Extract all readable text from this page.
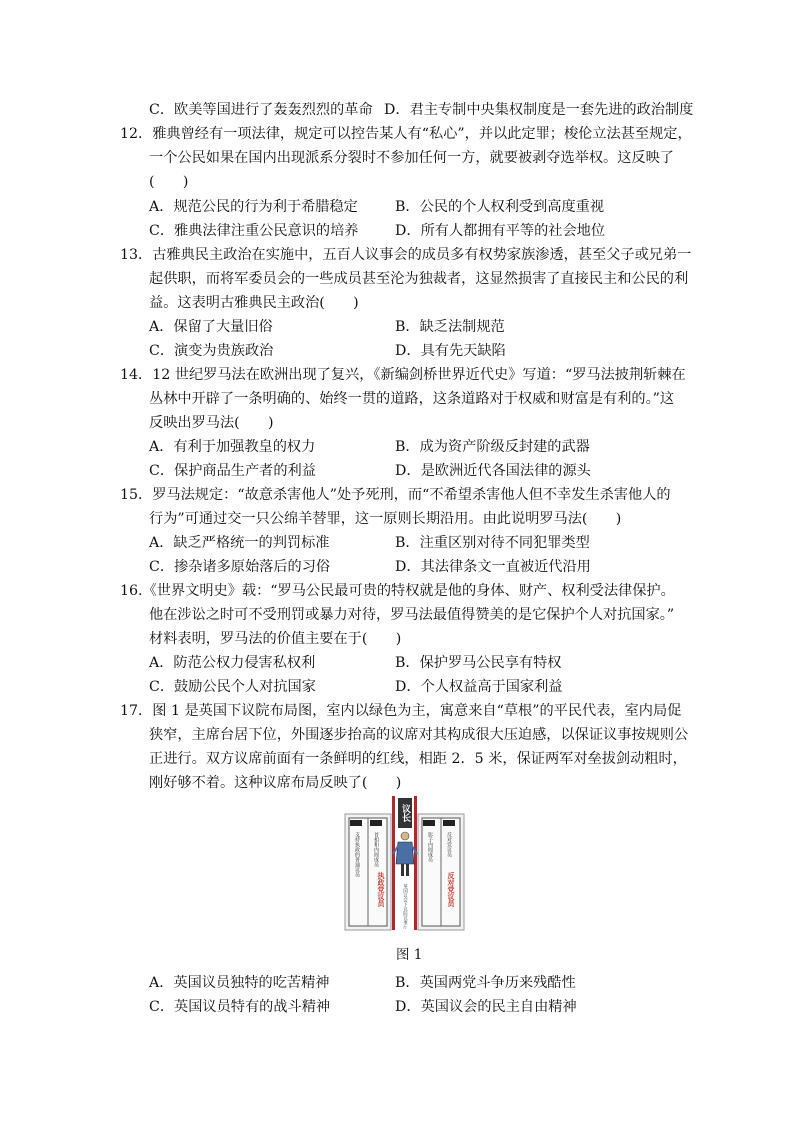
C．欧美等国进行了轰轰烈烈的革命 D．君主专制中央集权制度是一套先进的政治制度
12．雅典曾经有一项法律，规定可以控告某人有“私心”，并以此定罪；梭伦立法甚至规定，
一个公民如果在国内出现派系分裂时不参加任何一方，就要被剥夺选举权。这反映了
(　　)
A．规范公民的行为利于希腊稳定	B．公民的个人权利受到高度重视
C．雅典法律注重公民意识的培养	D．所有人都拥有平等的社会地位
13．古雅典民主政治在实施中，五百人议事会的成员多有权势家族渗透，甚至父子或兄弟一
起供职，而将军委员会的一些成员甚至沦为独裁者，这显然损害了直接民主和公民的利
益。这表明古雅典民主政治(　　)
A．保留了大量旧俗	B．缺乏法制规范
C．演变为贵族政治	D．具有先天缺陷
14．12 世纪罗马法在欧洲出现了复兴，《新编剑桥世界近代史》写道：“罗马法披荆斩棘在
丛林中开辟了一条明确的、始终一贯的道路，这条道路对于权威和财富是有利的。”这
反映出罗马法(　　)
A．有利于加强教皇的权力	B．成为资产阶级反封建的武器
C．保护商品生产者的利益	D．是欧洲近代各国法律的源头
15．罗马法规定：“故意杀害他人”处予死刑，而“不希望杀害他人但不幸发生杀害他人的
行为”可通过交一只公绵羊替罪，这一原则长期沿用。由此说明罗马法(　　)
A．缺乏严格统一的判罚标准	B．注重区别对待不同犯罪类型
C．掺杂诸多原始落后的习俗	D．其法律条文一直被近代沿用
16.《世界文明史》载：“罗马公民最可贵的特权就是他的身体、财产、权利受法律保护。
他在涉讼之时可不受刑罚或暴力对待，罗马法最值得赞美的是它保护个人对抗国家。”
材料表明，罗马法的价值主要在于(　　)
A．防范公权力侵害私权利	B．保护罗马公民享有特权
C．鼓励公民个人对抗国家	D．个人权益高于国家利益
17．图 1 是英国下议院布局图，室内以绿色为主，寓意来自“草根”的平民代表，室内局促
狭窄，主席台居下位，外围逐步抬高的议席对其构成很大压迫感，以保证议事按规则公
正进行。双方议席前面有一条鲜明的红线，相距 2．5 米，保证两军对垒拔剑动粗时，
刚好够不着。这种议席布局反映了(　　)
支持执政的普通议员	首相和内阁成员
执政党议员
影子内阁成员	反对党议员
反对党议员
议长
英国议会下议院议事厅
图 1
A．英国议员独特的吃苦精神	B．英国两党斗争历来残酷性
C．英国议员特有的战斗精神	D．英国议会的民主自由精神
